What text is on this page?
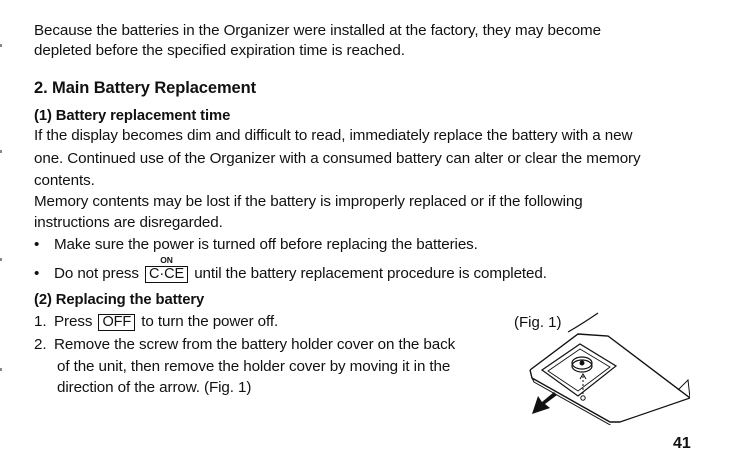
Because the batteries in the Organizer were installed at the factory, they may become
depleted before the specified expiration time is reached.
2. Main Battery Replacement
(1) Battery replacement time
If the display becomes dim and difficult to read, immediately replace the battery with a new
one. Continued use of the Organizer with a consumed battery can alter or clear the memory
contents.
Memory contents may be lost if the battery is improperly replaced or if the following
instructions are disregarded.
• Make sure the power is turned off before replacing the batteries.
• Do not press
ON
C·CE until the battery replacement procedure is completed.
(2) Replacing the battery
1. Press OFF to turn the power off.
2. Remove the screw from the battery holder cover on the back
of the unit, then remove the holder cover by moving it in the
direction of the arrow. (Fig. 1)
(Fig. 1)
41
